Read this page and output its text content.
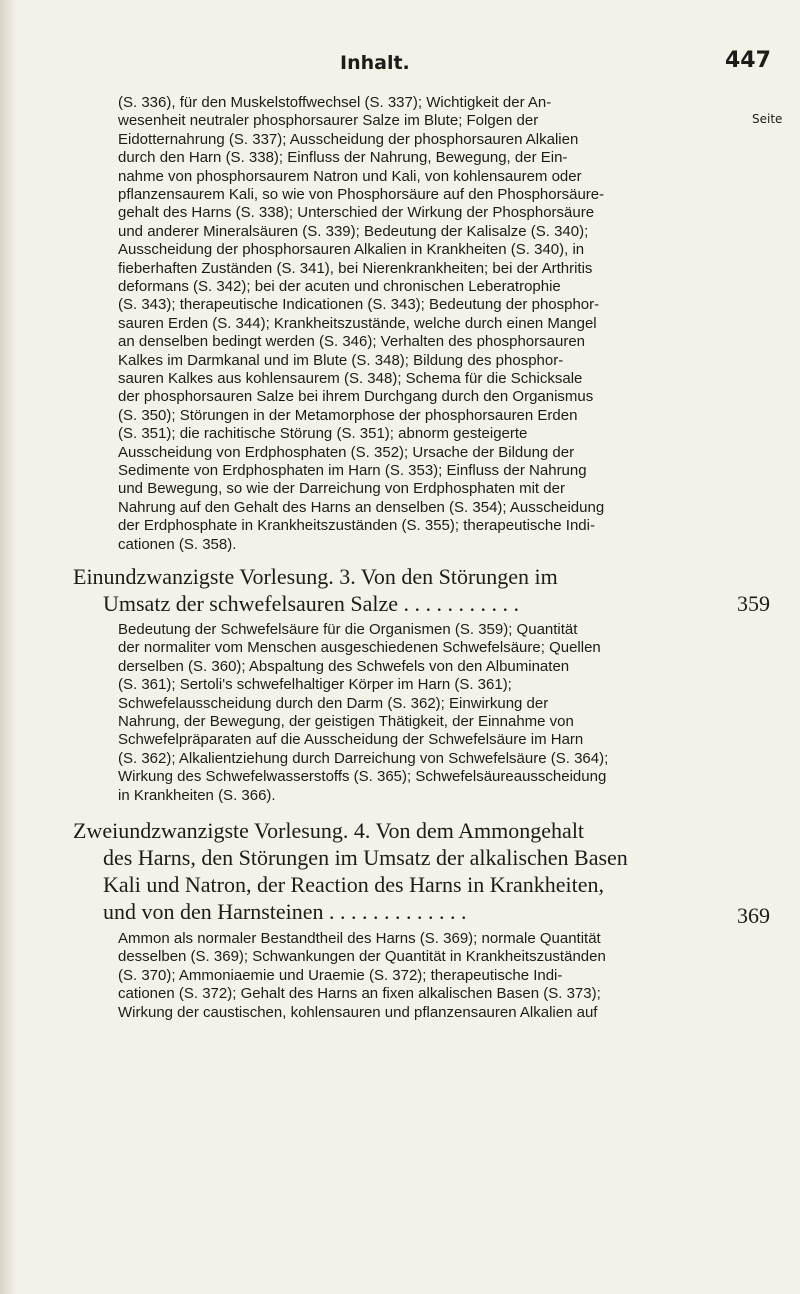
Inhalt.	447
Seite
(S. 336), für den Muskelstoffwechsel (S. 337); Wichtigkeit der An-
wesenheit neutraler phosphorsaurer Salze im Blute; Folgen der
Eidotternahrung (S. 337); Ausscheidung der phosphorsauren Alkalien
durch den Harn (S. 338); Einfluss der Nahrung, Bewegung, der Ein-
nahme von phosphorsaurem Natron und Kali, von kohlensaurem oder
pflanzensaurem Kali, so wie von Phosphorsäure auf den Phosphorsäure-
gehalt des Harns (S. 338); Unterschied der Wirkung der Phosphorsäure
und anderer Mineralsäuren (S. 339); Bedeutung der Kalisalze (S. 340);
Ausscheidung der phosphorsauren Alkalien in Krankheiten (S. 340), in
fieberhaften Zuständen (S. 341), bei Nierenkrankheiten; bei der Arthritis
deformans (S. 342); bei der acuten und chronischen Leberatrophie
(S. 343); therapeutische Indicationen (S. 343); Bedeutung der phosphor-
sauren Erden (S. 344); Krankheitszustände, welche durch einen Mangel
an denselben bedingt werden (S. 346); Verhalten des phosphorsauren
Kalkes im Darmkanal und im Blute (S. 348); Bildung des phosphor-
sauren Kalkes aus kohlensaurem (S. 348); Schema für die Schicksale
der phosphorsauren Salze bei ihrem Durchgang durch den Organismus
(S. 350); Störungen in der Metamorphose der phosphorsauren Erden
(S. 351); die rachitische Störung (S. 351); abnorm gesteigerte
Ausscheidung von Erdphosphaten (S. 352); Ursache der Bildung der
Sedimente von Erdphosphaten im Harn (S. 353); Einfluss der Nahrung
und Bewegung, so wie der Darreichung von Erdphosphaten mit der
Nahrung auf den Gehalt des Harns an denselben (S. 354); Ausscheidung
der Erdphosphate in Krankheitszuständen (S. 355); therapeutische Indi-
cationen (S. 358).
Einundzwanzigste Vorlesung. 3. Von den Störungen im
Umsatz der schwefelsauren Salze . . . . . . . . . . .	359
Bedeutung der Schwefelsäure für die Organismen (S. 359); Quantität
der normaliter vom Menschen ausgeschiedenen Schwefelsäure; Quellen
derselben (S. 360); Abspaltung des Schwefels von den Albuminaten
(S. 361); Sertoli's schwefelhaltiger Körper im Harn (S. 361);
Schwefelausscheidung durch den Darm (S. 362); Einwirkung der
Nahrung, der Bewegung, der geistigen Thätigkeit, der Einnahme von
Schwefelpräparaten auf die Ausscheidung der Schwefelsäure im Harn
(S. 362); Alkalientziehung durch Darreichung von Schwefelsäure (S. 364);
Wirkung des Schwefelwasserstoffs (S. 365); Schwefelsäureausscheidung
in Krankheiten (S. 366).
Zweiundzwanzigste Vorlesung. 4. Von dem Ammongehalt
des Harns, den Störungen im Umsatz der alkalischen Basen
Kali und Natron, der Reaction des Harns in Krankheiten,
und von den Harnsteinen . . . . . . . . . . . . .	369
Ammon als normaler Bestandtheil des Harns (S. 369); normale Quantität
desselben (S. 369); Schwankungen der Quantität in Krankheitszuständen
(S. 370); Ammoniaemie und Uraemie (S. 372); therapeutische Indi-
cationen (S. 372); Gehalt des Harns an fixen alkalischen Basen (S. 373);
Wirkung der caustischen, kohlensauren und pflanzensauren Alkalien auf
